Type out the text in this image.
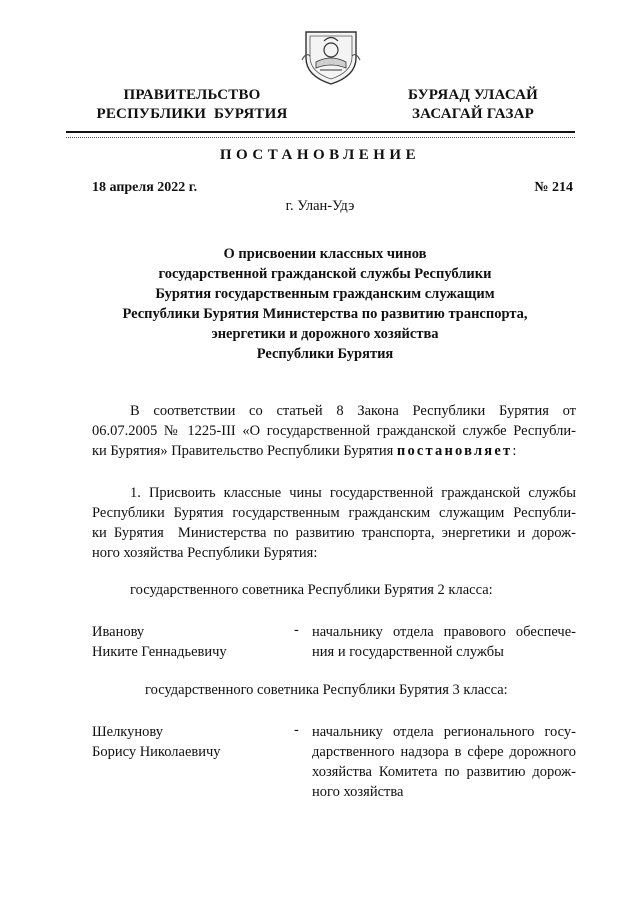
ПРАВИТЕЛЬСТВО
РЕСПУБЛИКИ  БУРЯТИЯ
БУРЯАД УЛАСАЙ
ЗАСАГАЙ ГАЗАР
ПОСТАНОВЛЕНИЕ
18 апреля 2022 г.	№ 214
г. Улан-Удэ
О присвоении классных чинов
государственной гражданской службы Республики
Бурятия государственным гражданским служащим
Республики Бурятия Министерства по развитию транспорта,
энергетики и дорожного хозяйства
Республики Бурятия
В соответствии со статьей 8 Закона Республики Бурятия от
06.07.2005 № 1225-III «О государственной гражданской службе Республи-
ки Бурятия» Правительство Республики Бурятия постановляет:
1. Присвоить классные чины государственной гражданской службы
Республики Бурятия государственным гражданским служащим Республи-
ки Бурятия  Министерства по развитию транспорта, энергетики и дорож-
ного хозяйства Республики Бурятия:
государственного советника Республики Бурятия 2 класса:
Иванову
Никите Геннадьевичу
- начальнику отдела правового обеспече-
ния и государственной службы
государственного советника Республики Бурятия 3 класса:
Шелкунову
Борису Николаевичу
- начальнику отдела регионального госу-
дарственного надзора в сфере дорожного
хозяйства Комитета по развитию дорож-
ного хозяйства
